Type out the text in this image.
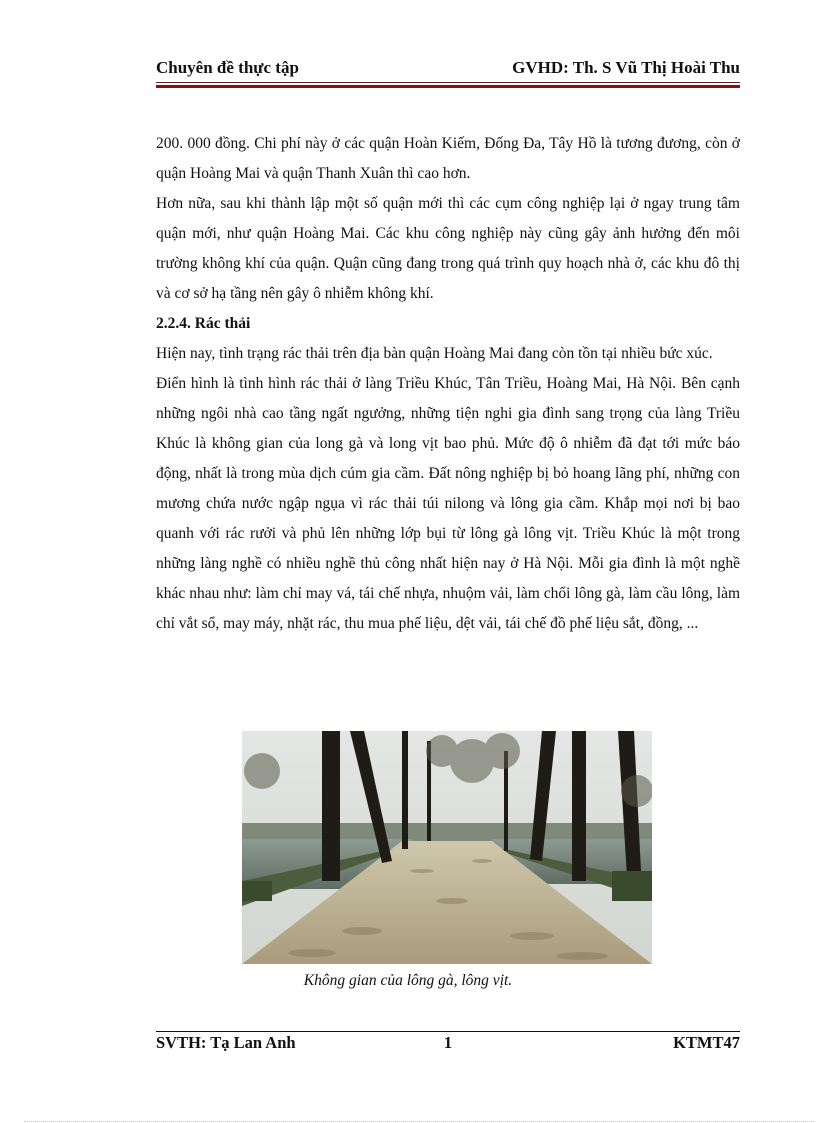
Chuyên đề thực tập	GVHD: Th. S Vũ Thị Hoài Thu

200. 000 đồng. Chi phí này ở các quận Hoàn Kiếm, Đống Đa, Tây Hồ là tương đương, còn ở quận Hoàng Mai và quận Thanh Xuân thì cao hơn.

Hơn nữa, sau khi thành lập một số quận mới thì các cụm công nghiệp lại ở ngay trung tâm quận mới, như quận Hoàng Mai. Các khu công nghiệp này cũng gây ảnh hưởng đến môi trường không khí của quận. Quận cũng đang trong quá trình quy hoạch nhà ở, các khu đô thị và cơ sở hạ tầng nên gây ô nhiễm không khí.

2.2.4. Rác thải

Hiện nay, tình trạng rác thải trên địa bàn quận Hoàng Mai đang còn tồn tại nhiều bức xúc.

Điển hình là tình hình rác thải ở làng Triều Khúc, Tân Triều, Hoàng Mai, Hà Nội. Bên cạnh những ngôi nhà cao tầng ngất ngưởng, những tiện nghi gia đình sang trọng của làng Triều Khúc là không gian của long gà và long vịt bao phủ. Mức độ ô nhiễm đã đạt tới mức báo động, nhất là trong mùa dịch cúm gia cầm. Đất nông nghiệp bị bỏ hoang lãng phí, những con mương chứa nước ngập ngụa vì rác thải túi nilong và lông gia cầm. Khắp mọi nơi bị bao quanh với rác rưởi và phủ lên những lớp bụi từ lông gà lông vịt. Triều Khúc là một trong những làng nghề có nhiều nghề thủ công nhất hiện nay ở Hà Nội. Mỗi gia đình là một nghề khác nhau như: làm chỉ may vá, tái chế nhựa, nhuộm vải, làm chổi lông gà, làm cầu lông, làm chỉ vắt sổ, may máy, nhặt rác, thu mua phế liệu, dệt vải, tái chế đồ phế liệu sắt, đồng, ...

Không gian của lông gà, lông vịt.
SVTH: Tạ Lan Anh	1	KTMT47
